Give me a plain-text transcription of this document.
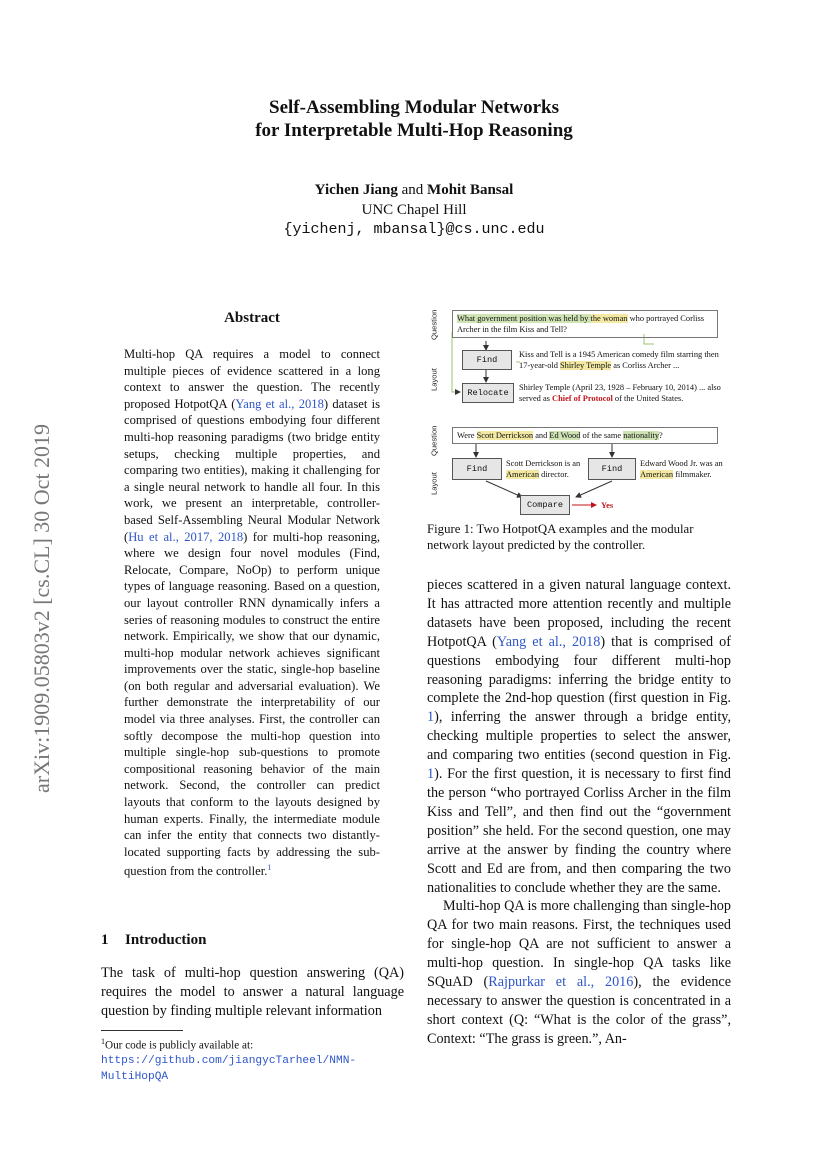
Self-Assembling Modular Networks
for Interpretable Multi-Hop Reasoning
Yichen Jiang and Mohit Bansal
UNC Chapel Hill
{yichenj, mbansal}@cs.unc.edu
arXiv:1909.05803v2 [cs.CL] 30 Oct 2019
Abstract
Multi-hop QA requires a model to connect multiple pieces of evidence scattered in a long context to answer the question. The recently proposed HotpotQA (Yang et al., 2018) dataset is comprised of questions embodying four different multi-hop reasoning paradigms (two bridge entity setups, checking multiple properties, and comparing two entities), making it challenging for a single neural network to handle all four. In this work, we present an interpretable, controller-based Self-Assembling Neural Modular Network (Hu et al., 2017, 2018) for multi-hop reasoning, where we design four novel modules (Find, Relocate, Compare, NoOp) to perform unique types of language reasoning. Based on a question, our layout controller RNN dynamically infers a series of reasoning modules to construct the entire network. Empirically, we show that our dynamic, multi-hop modular network achieves significant improvements over the static, single-hop baseline (on both regular and adversarial evaluation). We further demonstrate the interpretability of our model via three analyses. First, the controller can softly decompose the multi-hop question into multiple single-hop sub-questions to promote compositional reasoning behavior of the main network. Second, the controller can predict layouts that conform to the layouts designed by human experts. Finally, the intermediate module can infer the entity that connects two distantly-located supporting facts by addressing the sub-question from the controller.$^1$
1 Introduction
The task of multi-hop question answering (QA) requires the model to answer a natural language question by finding multiple relevant information
$^1$Our code is publicly available at: https://github.com/jiangycTarheel/NMN-MultiHopQA
Question
Layout
What government position was held by the woman who portrayed Corliss Archer in the film Kiss and Tell?
Find	Kiss and Tell is a 1945 American comedy film starring then 17-year-old Shirley Temple as Corliss Archer ...
Relocate	Shirley Temple (April 23, 1928 – February 10, 2014) ... also served as Chief of Protocol of the United States.
Question
Layout
Were Scott Derrickson and Ed Wood of the same nationality?
Find	Scott Derrickson is an American director.
Find	Edward Wood Jr. was an American filmmaker.
Compare	Yes
Figure 1: Two HotpotQA examples and the modular network layout predicted by the controller.

pieces scattered in a given natural language context. It has attracted more attention recently and multiple datasets have been proposed, including the recent HotpotQA (Yang et al., 2018) that is comprised of questions embodying four different multi-hop reasoning paradigms: inferring the bridge entity to complete the 2nd-hop question (first question in Fig. 1), inferring the answer through a bridge entity, checking multiple properties to select the answer, and comparing two entities (second question in Fig. 1). For the first question, it is necessary to first find the person “who portrayed Corliss Archer in the film Kiss and Tell”, and then find out the “government position” she held. For the second question, one may arrive at the answer by finding the country where Scott and Ed are from, and then comparing the two nationalities to conclude whether they are the same.

Multi-hop QA is more challenging than single-hop QA for two main reasons. First, the techniques used for single-hop QA are not sufficient to answer a multi-hop question. In single-hop QA tasks like SQuAD (Rajpurkar et al., 2016), the evidence necessary to answer the question is concentrated in a short context (Q: “What is the color of the grass”, Context: “The grass is green.”, An-
